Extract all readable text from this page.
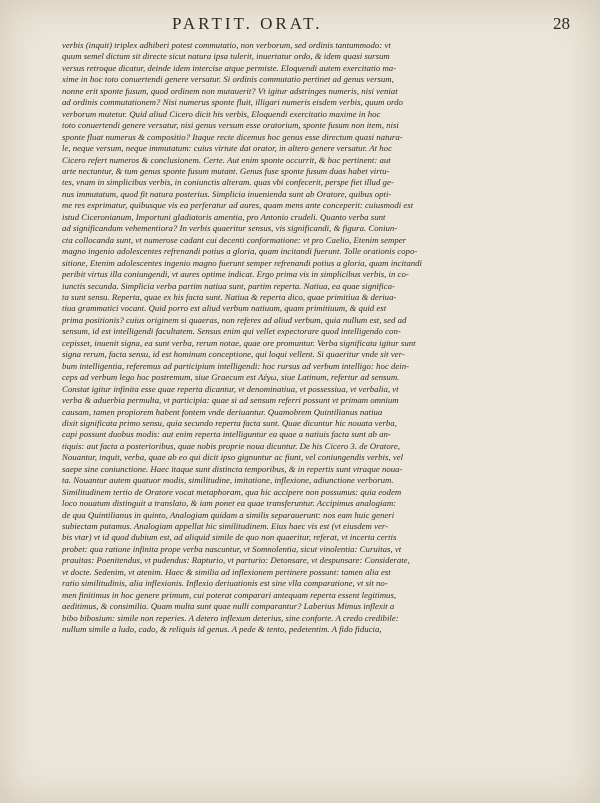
PARTIT. ORAT.	28
verbis (inquit) triplex adhiberi potest commutatio, non verborum, sed ordinis tantummodo: vt
quum semel dictum sit directe sicut natura ipsa tulerit, inuertatur ordo, & idem quasi sursum
versus retroque dicatur, deinde idem intercise atque permiste. Eloquendi autem exercitatio ma-
xime in hoc toto conuertendi genere versatur. Si ordinis commutatio pertinet ad genus versum,
nonne erit sponte fusum, quod ordinem non mutauerit? Vt igitur adstringes numeris, nisi veniat
ad ordinis commutationem? Nisi numerus sponte fluit, illigari numeris eisdem verbis, quum ordo
verborum mutetur. Quid aliud Cicero dicit his verbis, Eloquendi exercitatio maxime in hoc
toto conuertendi genere versatur, nisi genus versum esse oratorium, sponte fusum non item, nisi
sponte fluat numerus & compositio? Itaque recte dicemus hoc genus esse directum quasi natura-
le, neque versum, neque immutatum: cuius virtute dat orator, in altero genere versatur. At hoc
Cicero refert numeros & conclusionem. Certe. Aut enim sponte occurrit, & hoc pertinent: aut
arte nectuntur, & tum genus sponte fusum mutant. Genus fuse sponte fusum duas habet virtu-
tes, vnam in simplicibus verbis, in coniunctis alteram. quas vbi confecerit, perspe fiet illud ge-
nus immutatum, quod fit natura posterius. Simplicia inuenienda sunt ab Oratore, quibus opti-
me res exprimatur, quibusque vis ea perferatur ad aures, quam mens ante conceperit: cuiusmodi est
istud Ciceronianum, Importuni gladiatoris amentia, pro Antonio crudeli. Quanto verba sunt
ad significandum vehementiora? In verbis quaeritur sensus, vis significandi, & figura. Coniun-
cta collocanda sunt, vt numerose cadant cui decenti conformatione: vt pro Caelio, Etenim semper
magno ingenio adolescentes refrenandi potius a gloria, quam incitandi fuerunt. Tolle orationis copo-
sitione, Etenim adolescentes ingenio magno fuerunt semper refrenandi potius a gloria, quam incitandi
peribit virtus illa coniungendi, vt aures optime indicat. Ergo prima vis in simplicibus verbis, in co-
iunctis secunda. Simplicia verba partim natiua sunt, partim reperta. Natiua, ea quae significa-
ta sunt sensu. Reperta, quae ex his facta sunt. Natiua & reperta dico, quae primitiua & deriua-
tiua grammatici vocant. Quid porro est aliud verbum natiuum, quam primitiuum, & quid est
prima positionis? cuius originem si quaeras, non referes ad aliud verbum, quia nullum est, sed ad
sensum, id est intelligendi facultatem. Sensus enim qui vellet expectorare quod intelligendo con-
cepisset, inuenit signa, ea sunt verba, rerum notae, quae ore promuntur. Verba significata igitur sunt
signa rerum, facta sensu, id est hominum conceptione, qui loqui vellent. Si quaeritur vnde sit ver-
bum intelligentia, referemus ad participium intelligendi: hoc rursus ad verbum intelligo: hoc dein-
ceps ad verbum lego hoc postremum, siue Graecum est Λέγω, siue Latinum, refertur ad sensum.
Constat igitur infinita esse quae reperta dicantur, vt denominatiua, vt possessiua, vt verbalia, vt
verba & aduerbia permulta, vt participia: quae si ad sensum referri possunt vt primam omnium
causam, tamen propiorem habent fontem vnde deriuantur. Quamobrem Quintilianus natiua
dixit significata primo sensu, quia secundo reperta facta sunt. Quae dicuntur hic nouata verba,
capi possunt duobus modis: aut enim reperta intelliguntur ea quae a natiuis facta sunt ab an-
tiquis: aut facta a posterioribus, quae nobis proprie noua dicuntur. De his Cicero 3. de Oratore,
Nouantur, inquit, verba, quae ab eo qui dicit ipso gignuntur ac fiunt, vel coniungendis verbis, vel
saepe sine coniunctione. Haec itaque sunt distincta temporibus, & in repertis sunt vtraque noua-
ta. Nouantur autem quatuor modis, similitudine, imitatione, inflexione, adiunctione verborum.
Similitudinem tertio de Oratore vocat metaphoram, qua hic accipere non possumus: quia eodem
loco nouatum distinguit a translato, & iam ponet ea quae transferuntur. Accipimus analogiam:
de qua Quintilianus in quinto, Analogiam quidam a similis separauerunt: nos eam huic generi
subiectam putamus. Analogiam appellat hic similitudinem. Eius haec vis est (vt eiusdem ver-
bis vtar) vt id quod dubium est, ad aliquid simile de quo non quaeritur, referat, vt incerta certis
probet: qua ratione infinita prope verba nascuntur, vt Somnolentia, sicut vinolentia: Curuitas, vt
prauitas: Poenitendus, vt pudendus: Rapturio, vt parturio: Detonsare, vt despunsare: Considerate,
vt docte. Sedenim, vt atenim. Haec & similia ad inflexionem pertinere possunt: tamen alia est
ratio similitudinis, alia inflexionis. Inflexio deriuationis est sine vlla comparatione, vt sit no-
men finitimus in hoc genere primum, cui poterat comparari antequam reperta essent legitimus,
aeditimus, & consimilia. Quam multa sunt quae nulli comparantur? Laberius Mimus inflexit a
bibo bibosium: simile non reperies. A detero inflexum deterius, sine conforte. A credo credibile:
nullum simile a ludo, cado, & reliquis id genus. A pede & tento, pedetentim. A fido fiducia,
